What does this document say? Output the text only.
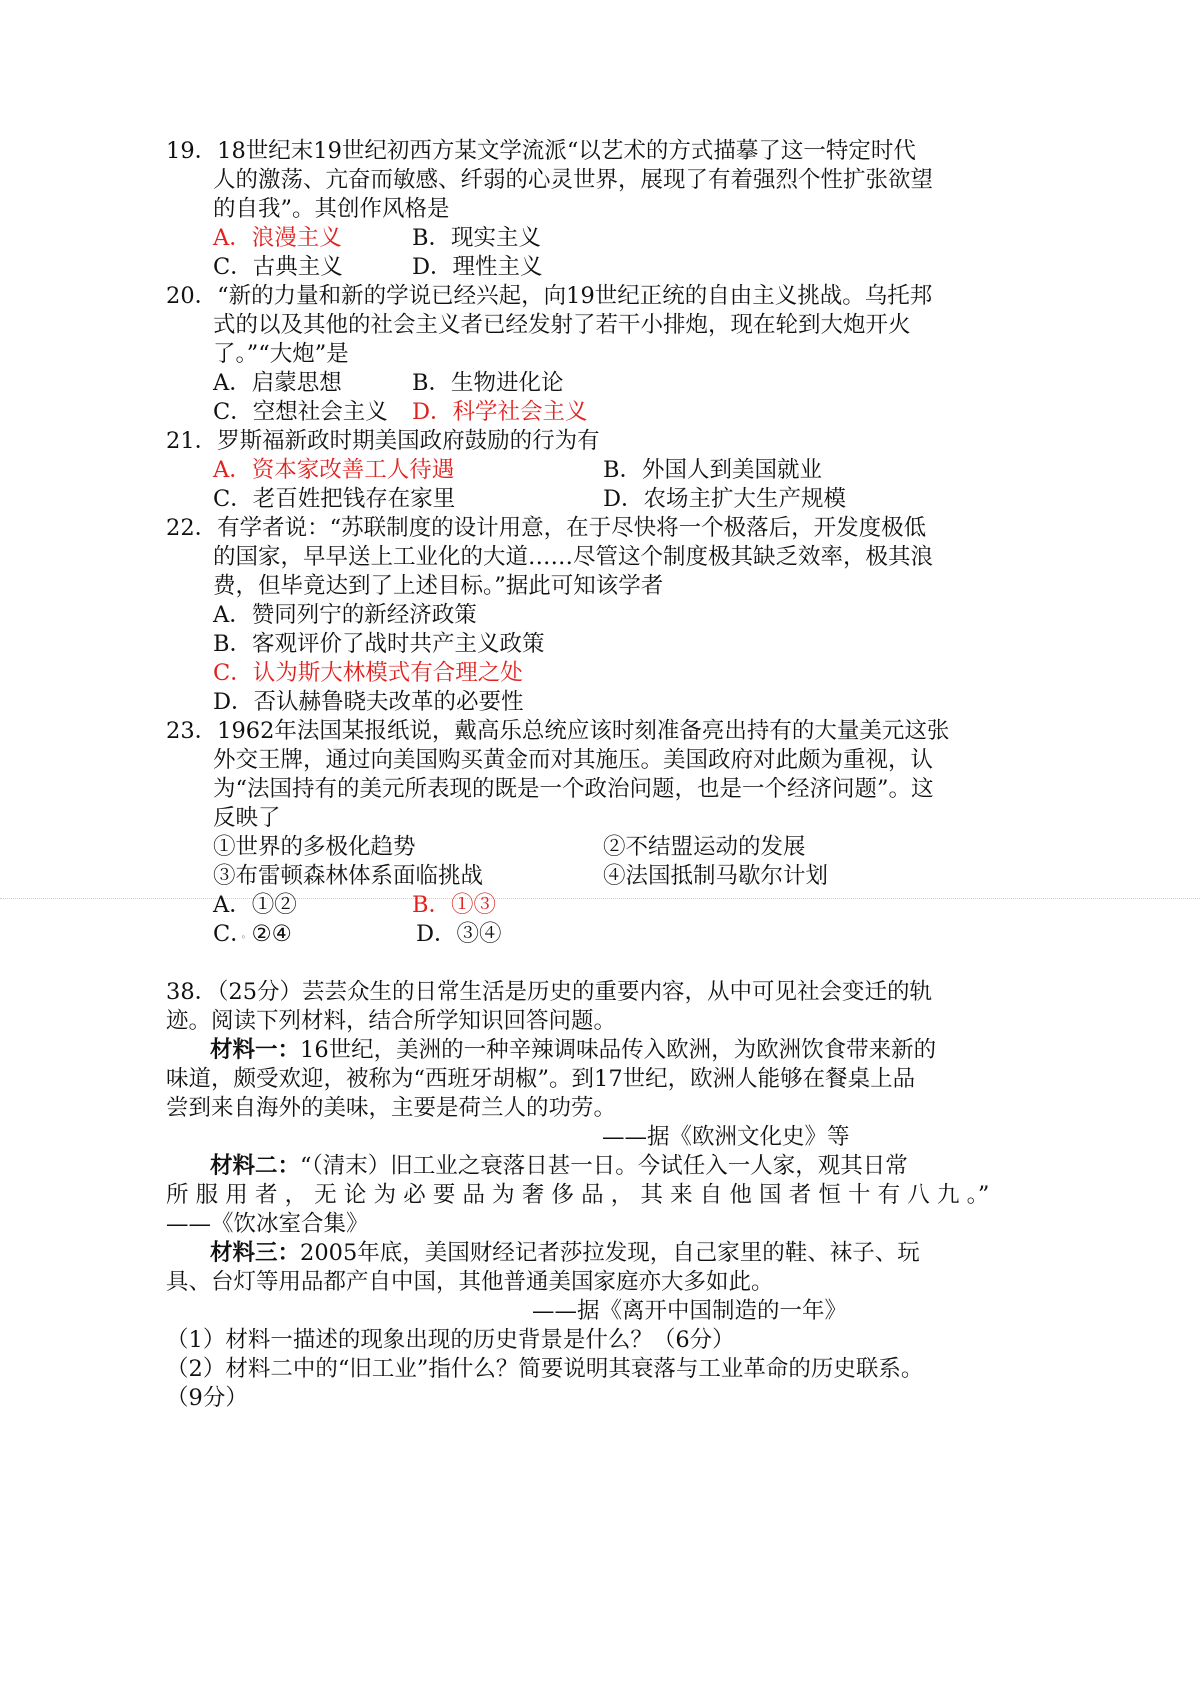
19．18世纪末19世纪初西方某文学流派“以艺术的方式描摹了这一特定时代
人的激荡、亢奋而敏感、纤弱的心灵世界，展现了有着强烈个性扩张欲望
的自我”。其创作风格是
A．浪漫主义	B．现实主义
C．古典主义	D．理性主义
20．“新的力量和新的学说已经兴起，向19世纪正统的自由主义挑战。乌托邦
式的以及其他的社会主义者已经发射了若干小排炮，现在轮到大炮开火
了。”“大炮”是
A．启蒙思想	B．生物进化论
C．空想社会主义 D．科学社会主义
21．罗斯福新政时期美国政府鼓励的行为有
A．资本家改善工人待遇	B．外国人到美国就业
C．老百姓把钱存在家里	D．农场主扩大生产规模
22．有学者说：“苏联制度的设计用意，在于尽快将一个极落后，开发度极低
的国家，早早送上工业化的大道……尽管这个制度极其缺乏效率，极其浪
费，但毕竟达到了上述目标。”据此可知该学者
A．赞同列宁的新经济政策
B．客观评价了战时共产主义政策
C．认为斯大林模式有合理之处
D．否认赫鲁晓夫改革的必要性
23．1962年法国某报纸说，戴高乐总统应该时刻准备亮出持有的大量美元这张
外交王牌，通过向美国购买黄金而对其施压。美国政府对此颇为重视，认
为“法国持有的美元所表现的既是一个政治问题，也是一个经济问题”。这
反映了
①世界的多极化趋势	②不结盟运动的发展
③布雷顿森林体系面临挑战	④法国抵制马歇尔计划
A．①②	B．①③
C．。②④	D．③④
38．（25分）芸芸众生的日常生活是历史的重要内容，从中可见社会变迁的轨
迹。阅读下列材料，结合所学知识回答问题。
材料一：16世纪，美洲的一种辛辣调味品传入欧洲，为欧洲饮食带来新的
味道，颇受欢迎，被称为“西班牙胡椒”。到17世纪，欧洲人能够在餐桌上品
尝到来自海外的美味，主要是荷兰人的功劳。
——据《欧洲文化史》等
材料二：“（清末）旧工业之衰落日甚一日。今试任入一人家，观其日常
所 服 用 者 ， 无 论 为 必 要 品 为 奢 侈 品 ， 其 来 自 他 国 者 恒 十 有 八 九 。”
——《饮冰室合集》
材料三：2005年底，美国财经记者莎拉发现，自己家里的鞋、袜子、玩
具、台灯等用品都产自中国，其他普通美国家庭亦大多如此。
——据《离开中国制造的一年》
（1）材料一描述的现象出现的历史背景是什么？（6分）
（2）材料二中的“旧工业”指什么？简要说明其衰落与工业革命的历史联系。
（9分）
